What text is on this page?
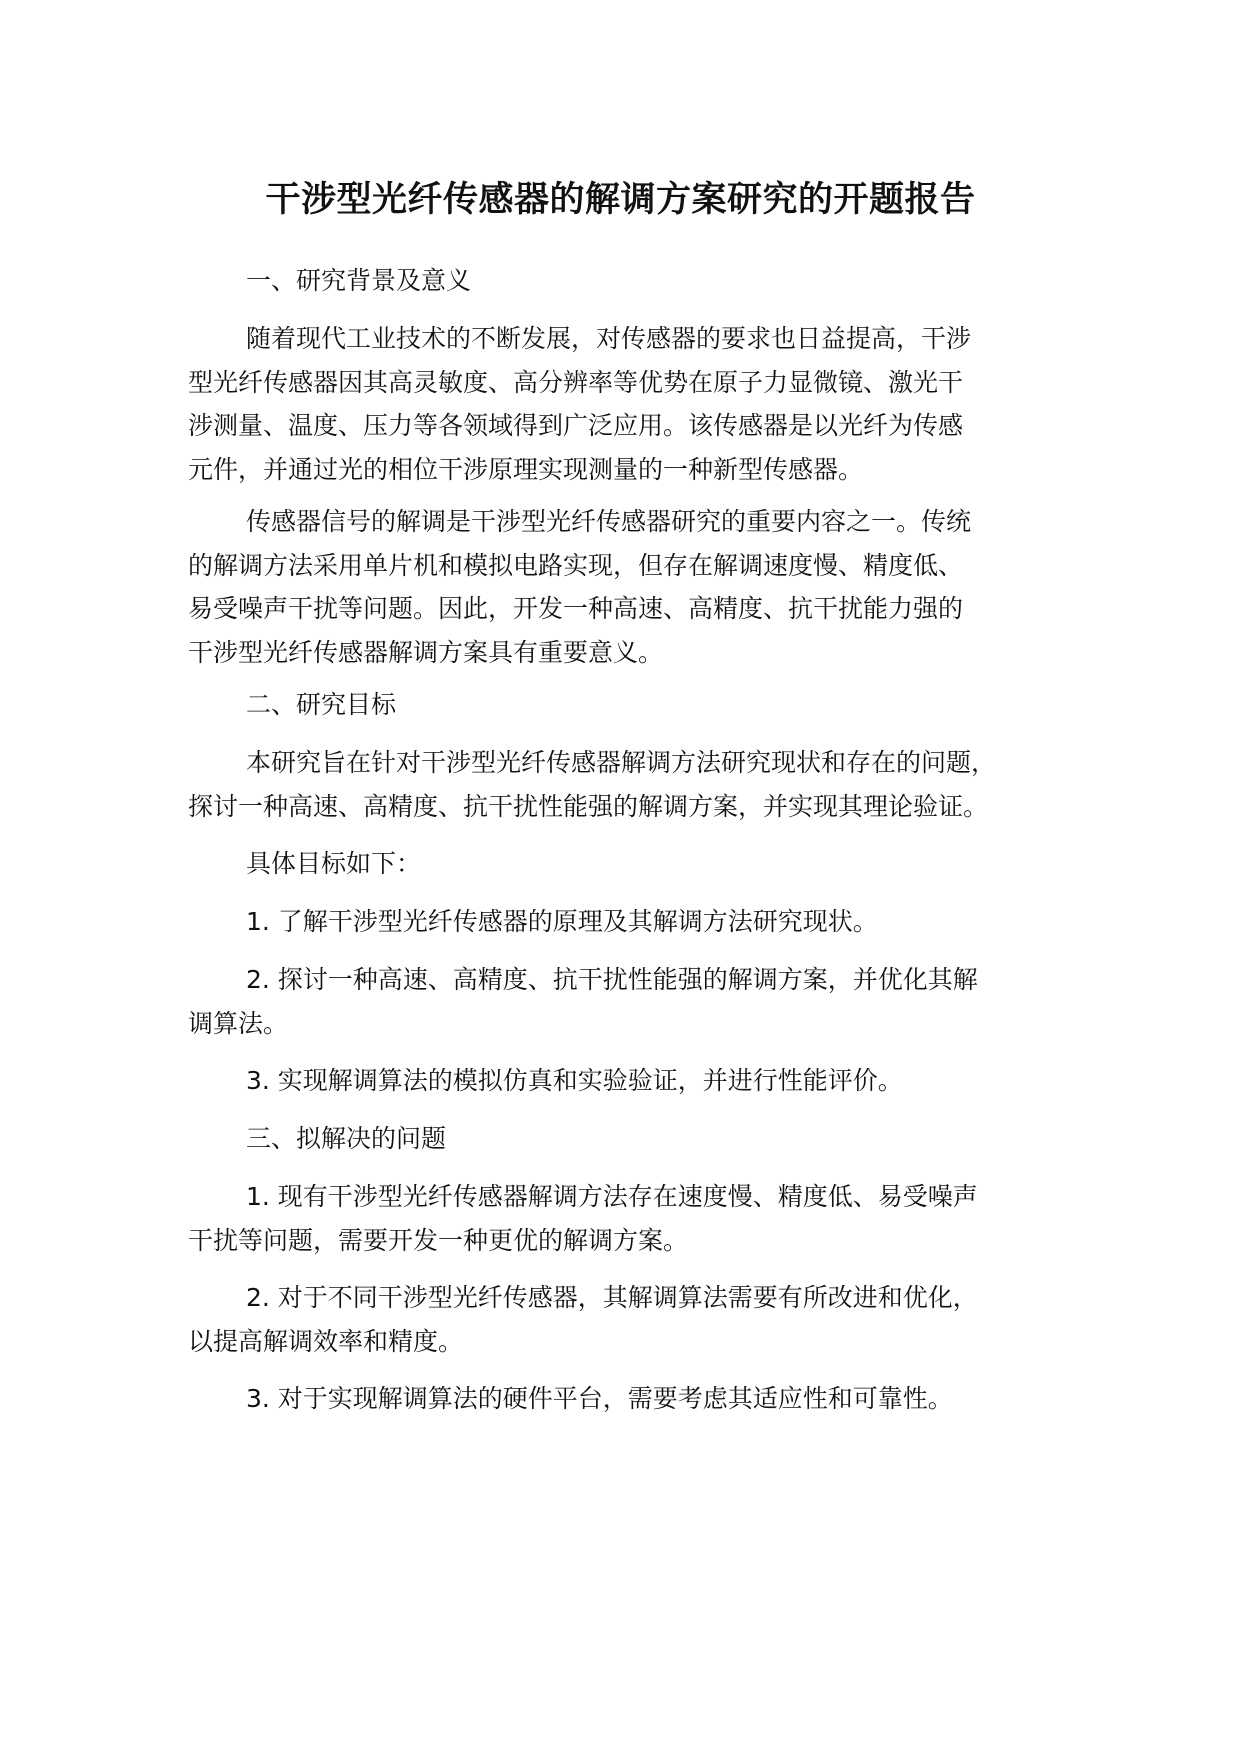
干涉型光纤传感器的解调方案研究的开题报告
一、研究背景及意义
随着现代工业技术的不断发展，对传感器的要求也日益提高，干涉
型光纤传感器因其高灵敏度、高分辨率等优势在原子力显微镜、激光干
涉测量、温度、压力等各领域得到广泛应用。该传感器是以光纤为传感
元件，并通过光的相位干涉原理实现测量的一种新型传感器。
传感器信号的解调是干涉型光纤传感器研究的重要内容之一。传统
的解调方法采用单片机和模拟电路实现，但存在解调速度慢、精度低、
易受噪声干扰等问题。因此，开发一种高速、高精度、抗干扰能力强的
干涉型光纤传感器解调方案具有重要意义。
二、研究目标
本研究旨在针对干涉型光纤传感器解调方法研究现状和存在的问题，
探讨一种高速、高精度、抗干扰性能强的解调方案，并实现其理论验证。
具体目标如下：
1. 了解干涉型光纤传感器的原理及其解调方法研究现状。
2. 探讨一种高速、高精度、抗干扰性能强的解调方案，并优化其解
调算法。
3. 实现解调算法的模拟仿真和实验验证，并进行性能评价。
三、拟解决的问题
1. 现有干涉型光纤传感器解调方法存在速度慢、精度低、易受噪声
干扰等问题，需要开发一种更优的解调方案。
2. 对于不同干涉型光纤传感器，其解调算法需要有所改进和优化，
以提高解调效率和精度。
3. 对于实现解调算法的硬件平台，需要考虑其适应性和可靠性。
